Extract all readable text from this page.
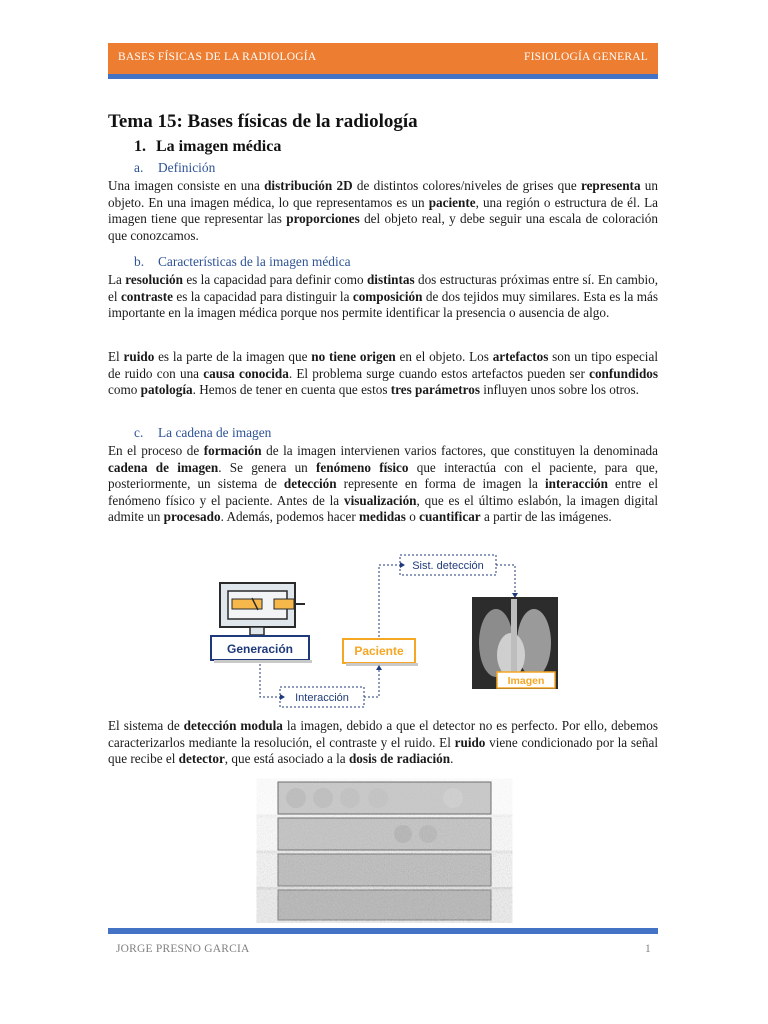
BASES FÍSICAS DE LA RADIOLOGÍA	FISIOLOGÍA GENERAL
Tema 15: Bases físicas de la radiología
1. La imagen médica
a. Definición
Una imagen consiste en una distribución 2D de distintos colores/niveles de grises que representa un objeto. En una imagen médica, lo que representamos es un paciente, una región o estructura de él. La imagen tiene que representar las proporciones del objeto real, y debe seguir una escala de coloración que conozcamos.
b. Características de la imagen médica
La resolución es la capacidad para definir como distintas dos estructuras próximas entre sí. En cambio, el contraste es la capacidad para distinguir la composición de dos tejidos muy similares. Esta es la más importante en la imagen médica porque nos permite identificar la presencia o ausencia de algo.
El ruido es la parte de la imagen que no tiene origen en el objeto. Los artefactos son un tipo especial de ruido con una causa conocida. El problema surge cuando estos artefactos pueden ser confundidos como patología. Hemos de tener en cuenta que estos tres parámetros influyen unos sobre los otros.
c. La cadena de imagen
En el proceso de formación de la imagen intervienen varios factores, que constituyen la denominada cadena de imagen. Se genera un fenómeno físico que interactúa con el paciente, para que, posteriormente, un sistema de detección represente en forma de imagen la interacción entre el fenómeno físico y el paciente. Antes de la visualización, que es el último eslabón, la imagen digital admite un procesado. Además, podemos hacer medidas o cuantificar a partir de las imágenes.
Generación	Paciente
Sist. detección
Interacción
Imagen
El sistema de detección modula la imagen, debido a que el detector no es perfecto. Por ello, debemos caracterizarlos mediante la resolución, el contraste y el ruido. El ruido viene condicionado por la señal que recibe el detector, que está asociado a la dosis de radiación.
JORGE PRESNO GARCIA	1
